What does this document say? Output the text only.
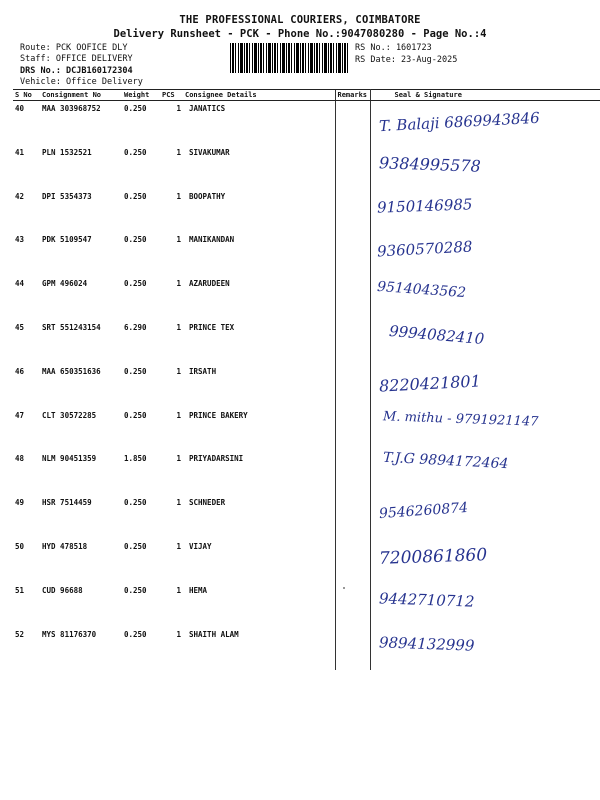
THE PROFESSIONAL COURIERS, COIMBATORE
Delivery Runsheet - PCK - Phone No.:9047080280 - Page No.:4
Route: PCK OOFICE DLY
Staff: OFFICE DELIVERY
DRS No.: DCJB160172304
Vehicle: Office Delivery
RS No.: 1601723
RS Date: 23-Aug-2025
S No	Consignment No	Weight	PCS	Consignee Details	Remarks	Seal & Signature
40	MAA 303968752	0.250	1	JANATICS		T. Balaji 6869943846

41	PLN 1532521	0.250	1	SIVAKUMAR		9384995578

42	DPI 5354373	0.250	1	BOOPATHY		9150146985

43	PDK 5109547	0.250	1	MANIKANDAN		9360570288

44	GPM 496024	0.250	1	AZARUDEEN		9514043562

45	SRT 551243154	6.290	1	PRINCE TEX		9994082410

46	MAA 650351636	0.250	1	IRSATH		8220421801

47	CLT 30572285	0.250	1	PRINCE BAKERY		M. mithu - 9791921147

48	NLM 90451359	1.850	1	PRIYADARSINI		T.J.G 9894172464

49	HSR 7514459	0.250	1	SCHNEDER		9546260874

50	HYD 478518	0.250	1	VIJAY		7200861860

51	CUD 96688	0.250	1	HEMA		9442710712

52	MYS 81176370	0.250	1	SHAITH ALAM		9894132999
